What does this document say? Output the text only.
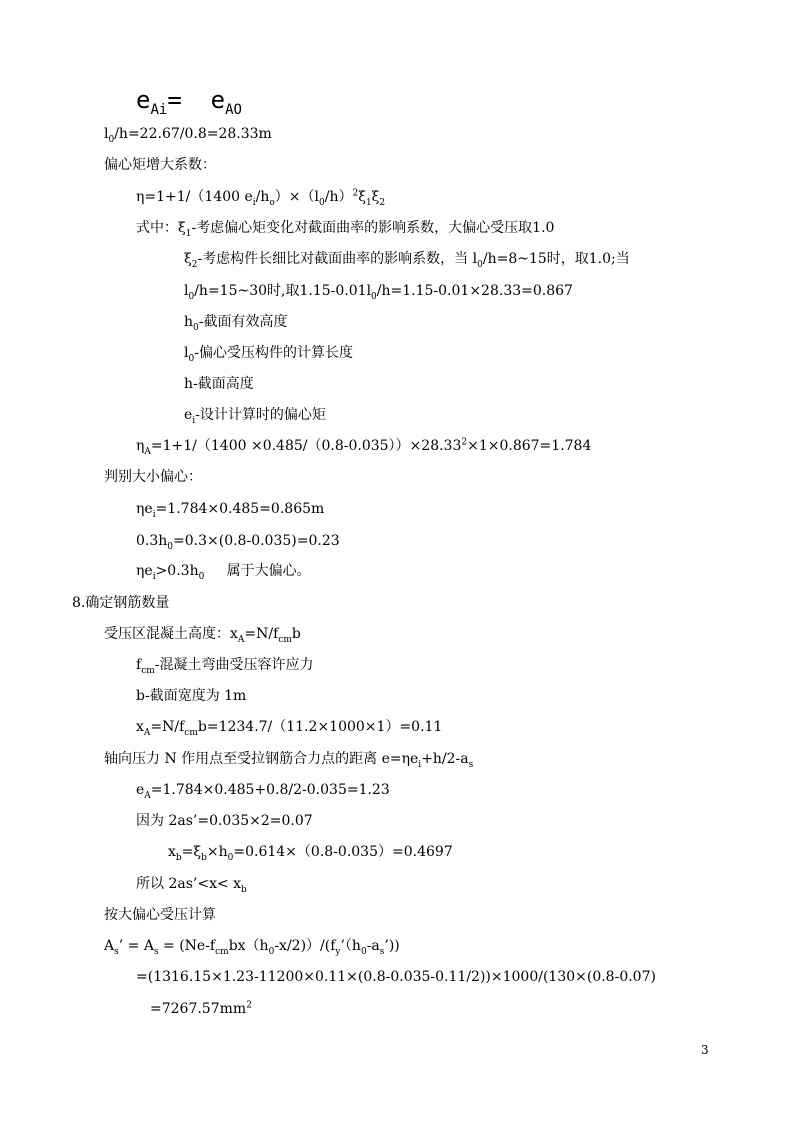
$e_{Ai}= e_{AO}$
$l_0/h=22.67/0.8=28.33m$
偏心矩增大系数：
η=1+1/（1400 $e_i/h_o)\times(l_0/h)^2\xi_1\xi_2$
式中：$\xi_1-$考虑偏心矩变化对截面曲率的影响系数，大偏心受压取1.0
$\xi_2-$考虑构件长细比对截面曲率的影响系数，当 $l_0/h=8\sim 15$时，取1.0;当
$l_0/h=15\sim 30$时,取$1.15-0.01l_0/h=1.15-0.01\times 28.33=0.867$
$h_0-$截面有效高度
$l_0-$偏心受压构件的计算长度
h-截面高度
$e_i-$设计计算时的偏心矩
$\eta_A=1+1/(1400 \times 0.485/(0.8-0.035))\times 28.33^2\times 1\times 0.867=1.784$
判别大小偏心：
$\eta e_i=1.784\times 0.485=0.865m$
$0.3h_0=0.3\times(0.8-0.035)=0.23$
$\eta e_i>0.3h_0$     属于大偏心。
8.确定钢筋数量
受压区混凝土高度：$x_A=N/f_{cm}b$
$f_{cm}-$混凝土弯曲受压容许应力
b-截面宽度为 1m
$x_A=N/f_{cm}b=1234.7/(11.2\times 1000\times 1)=0.11$
轴向压力 N 作用点至受拉钢筋合力点的距离 $e=\eta e_i+h/2-a_s$
$e_A=1.784\times 0.485+0.8/2-0.035=1.23$
因为 2as’=0.035×2=0.07
$x_b=\xi_b\times h_0=0.614\times(0.8-0.035)=0.4697$
所以 2as’<x< $x_b$
按大偏心受压计算
$A_s$’ = $A_s$ = $(Ne-f_{cm}bx(h_0-x/2))/(f_y’(h_0-a_s’))$
=(1316.15×1.23-11200×0.11×(0.8-0.035-0.11/2))×1000/(130×(0.8-0.07)
$=7267.57mm^2$
3
